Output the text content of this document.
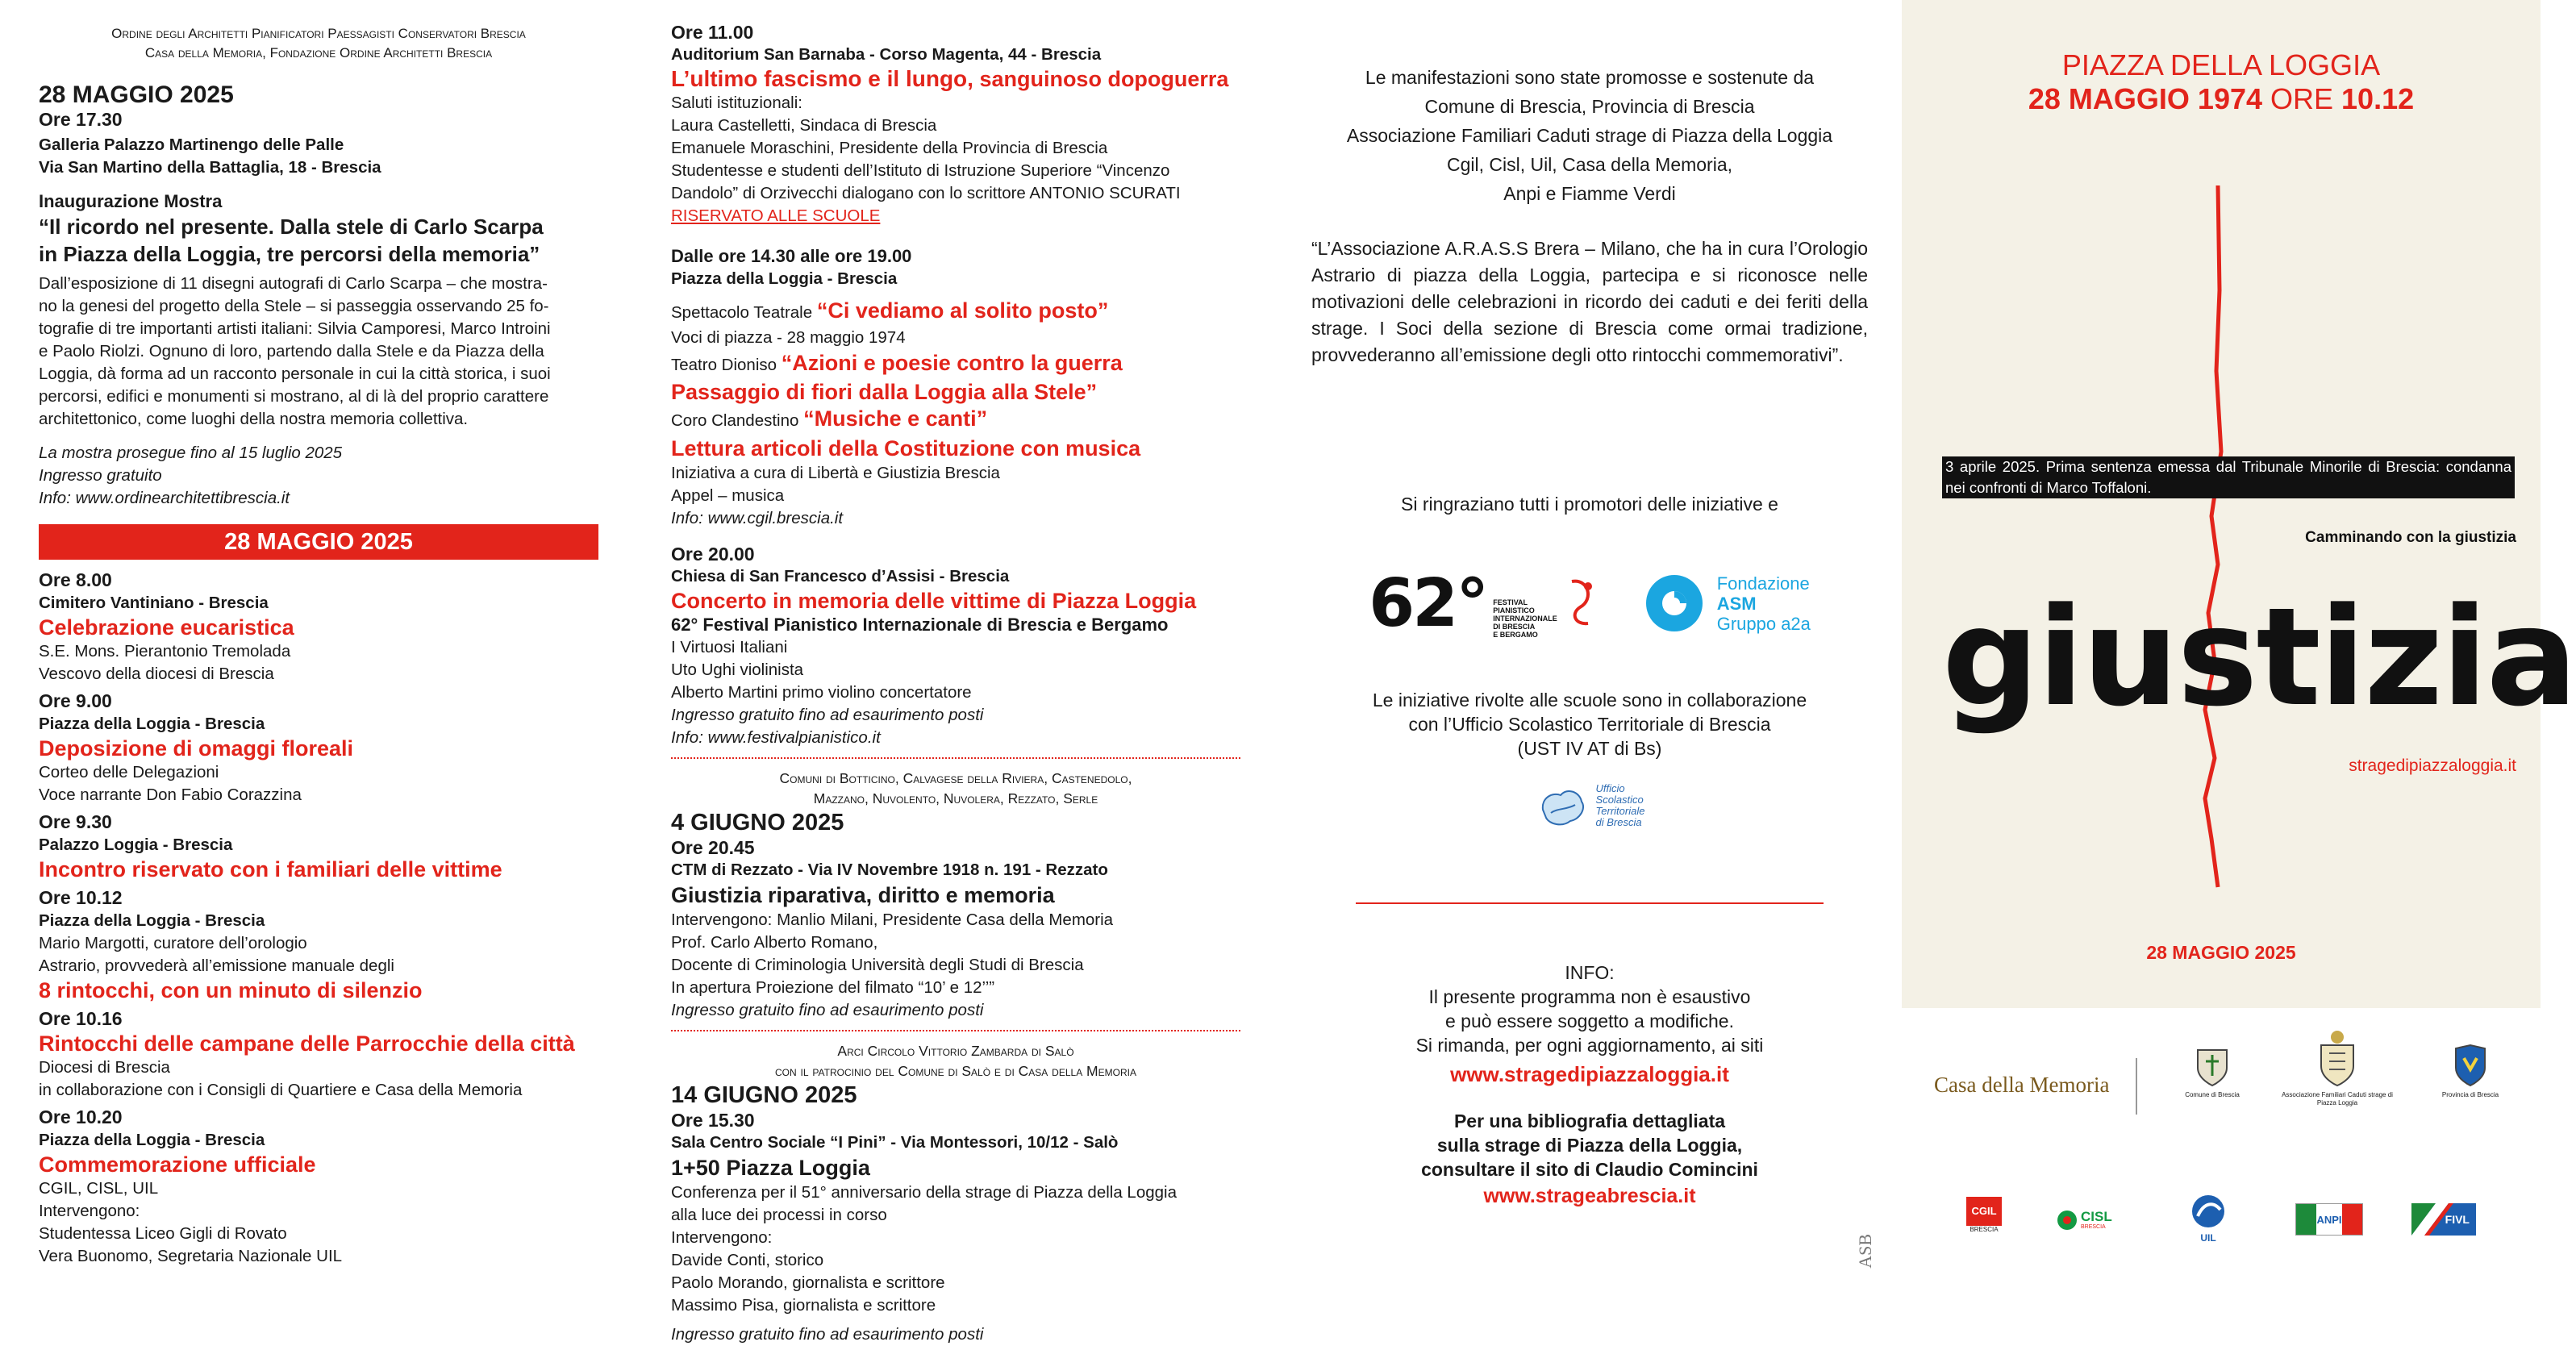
Ordine degli Architetti Pianificatori Paessagisti Conservatori Brescia
Casa della Memoria, Fondazione Ordine Architetti Brescia
28 MAGGIO 2025
Ore 17.30
Galleria Palazzo Martinengo delle Palle
Via San Martino della Battaglia, 18 - Brescia
Inaugurazione Mostra
“Il ricordo nel presente. Dalla stele di Carlo Scarpa
in Piazza della Loggia, tre percorsi della memoria”
Dall’esposizione di 11 disegni autografi di Carlo Scarpa – che mostra-
no la genesi del progetto della Stele – si passeggia osservando 25 fo-
tografie di tre importanti artisti italiani: Silvia Camporesi, Marco Introini
e Paolo Riolzi. Ognuno di loro, partendo dalla Stele e da Piazza della
Loggia, dà forma ad un racconto personale in cui la città storica, i suoi
percorsi, edifici e monumenti si mostrano, al di là del proprio carattere
architettonico, come luoghi della nostra memoria collettiva.
La mostra prosegue fino al 15 luglio 2025
Ingresso gratuito
Info: www.ordinearchitettibrescia.it
28 MAGGIO 2025
Ore 8.00
Cimitero Vantiniano - Brescia
Celebrazione eucaristica
S.E. Mons. Pierantonio Tremolada
Vescovo della diocesi di Brescia
Ore 9.00
Piazza della Loggia - Brescia
Deposizione di omaggi floreali
Corteo delle Delegazioni
Voce narrante Don Fabio Corazzina
Ore 9.30
Palazzo Loggia - Brescia
Incontro riservato con i familiari delle vittime
Ore 10.12
Piazza della Loggia - Brescia
Mario Margotti, curatore dell’orologio
Astrario, provvederà all’emissione manuale degli
8 rintocchi, con un minuto di silenzio
Ore 10.16
Rintocchi delle campane delle Parrocchie della città
Diocesi di Brescia
in collaborazione con i Consigli di Quartiere e Casa della Memoria
Ore 10.20
Piazza della Loggia - Brescia
Commemorazione ufficiale
CGIL, CISL, UIL
Intervengono:
Studentessa Liceo Gigli di Rovato
Vera Buonomo, Segretaria Nazionale UIL
Ore 11.00
Auditorium San Barnaba - Corso Magenta, 44 - Brescia
L’ultimo fascismo e il lungo, sanguinoso dopoguerra
Saluti istituzionali:
Laura Castelletti, Sindaca di Brescia
Emanuele Moraschini, Presidente della Provincia di Brescia
Studentesse e studenti dell’Istituto di Istruzione Superiore “Vincenzo
Dandolo” di Orzivecchi dialogano con lo scrittore ANTONIO SCURATI
RISERVATO ALLE SCUOLE
Dalle ore 14.30 alle ore 19.00
Piazza della Loggia - Brescia
Spettacolo Teatrale “Ci vediamo al solito posto”
Voci di piazza - 28 maggio 1974
Teatro Dioniso “Azioni e poesie contro la guerra
Passaggio di fiori dalla Loggia alla Stele”
Coro Clandestino “Musiche e canti”
Lettura articoli della Costituzione con musica
Iniziativa a cura di Libertà e Giustizia Brescia
Appel – musica
Info: www.cgil.brescia.it
Ore 20.00
Chiesa di San Francesco d’Assisi - Brescia
Concerto in memoria delle vittime di Piazza Loggia
62° Festival Pianistico Internazionale di Brescia e Bergamo
I Virtuosi Italiani
Uto Ughi violinista
Alberto Martini primo violino concertatore
Ingresso gratuito fino ad esaurimento posti
Info: www.festivalpianistico.it
Comuni di Botticino, Calvagese della Riviera, Castenedolo,
Mazzano, Nuvolento, Nuvolera, Rezzato, Serle
4 GIUGNO 2025
Ore 20.45
CTM di Rezzato - Via IV Novembre 1918 n. 191 - Rezzato
Giustizia riparativa, diritto e memoria
Intervengono: Manlio Milani, Presidente Casa della Memoria
Prof. Carlo Alberto Romano,
Docente di Criminologia Università degli Studi di Brescia
In apertura Proiezione del filmato “10’ e 12’’”
Ingresso gratuito fino ad esaurimento posti
Arci Circolo Vittorio Zambarda di Salò
con il patrocinio del Comune di Salò e di Casa della Memoria
14 GIUGNO 2025
Ore 15.30
Sala Centro Sociale “I Pini” - Via Montessori, 10/12 - Salò
1+50 Piazza Loggia
Conferenza per il 51° anniversario della strage di Piazza della Loggia
alla luce dei processi in corso
Intervengono:
Davide Conti, storico
Paolo Morando, giornalista e scrittore
Massimo Pisa, giornalista e scrittore
Ingresso gratuito fino ad esaurimento posti
Le manifestazioni sono state promosse e sostenute da
Comune di Brescia, Provincia di Brescia
Associazione Familiari Caduti strage di Piazza della Loggia
Cgil, Cisl, Uil, Casa della Memoria,
Anpi e Fiamme Verdi
“L’Associazione A.R.A.S.S Brera – Milano, che ha in cura l’Orologio Astrario di piazza della Loggia, partecipa e si riconosce nelle motivazioni delle celebrazioni in ricordo dei caduti e dei feriti della strage. I Soci della sezione di Brescia come ormai tradizione, provvederanno all’emissione degli otto rintocchi commemorativi”.
Si ringraziano tutti i promotori delle iniziative e
62° FESTIVAL
PIANISTICO
INTERNAZIONALE
DI BRESCIA
E BERGAMO
Fondazione
ASM
Gruppo a2a
Le iniziative rivolte alle scuole sono in collaborazione
con l’Ufficio Scolastico Territoriale di Brescia
(UST IV AT di Bs)
Ufficio
Scolastico
Territoriale
di Brescia
INFO:
Il presente programma non è esaustivo
e può essere soggetto a modifiche.
Si rimanda, per ogni aggiornamento, ai siti
www.stragedipiazzaloggia.it
Per una bibliografia dettagliata
sulla strage di Piazza della Loggia,
consultare il sito di Claudio Comincini
www.strageabrescia.it
ASB
PIAZZA DELLA LOGGIA
28 MAGGIO 1974 ORE 10.12
3 aprile 2025. Prima sentenza emessa dal Tribunale Minorile di Brescia: condanna nei confronti di Marco Toffaloni.
Camminando con la giustizia
giustizia
stragedipiazzaloggia.it
28 MAGGIO 2025
Casa della Memoria	Comune di Brescia	Associazione Familiari Caduti strage di Piazza Loggia
Provincia di Brescia
CGIL
BRESCIA
CISL
BRESCIA
UIL
ANPI	FIVL
